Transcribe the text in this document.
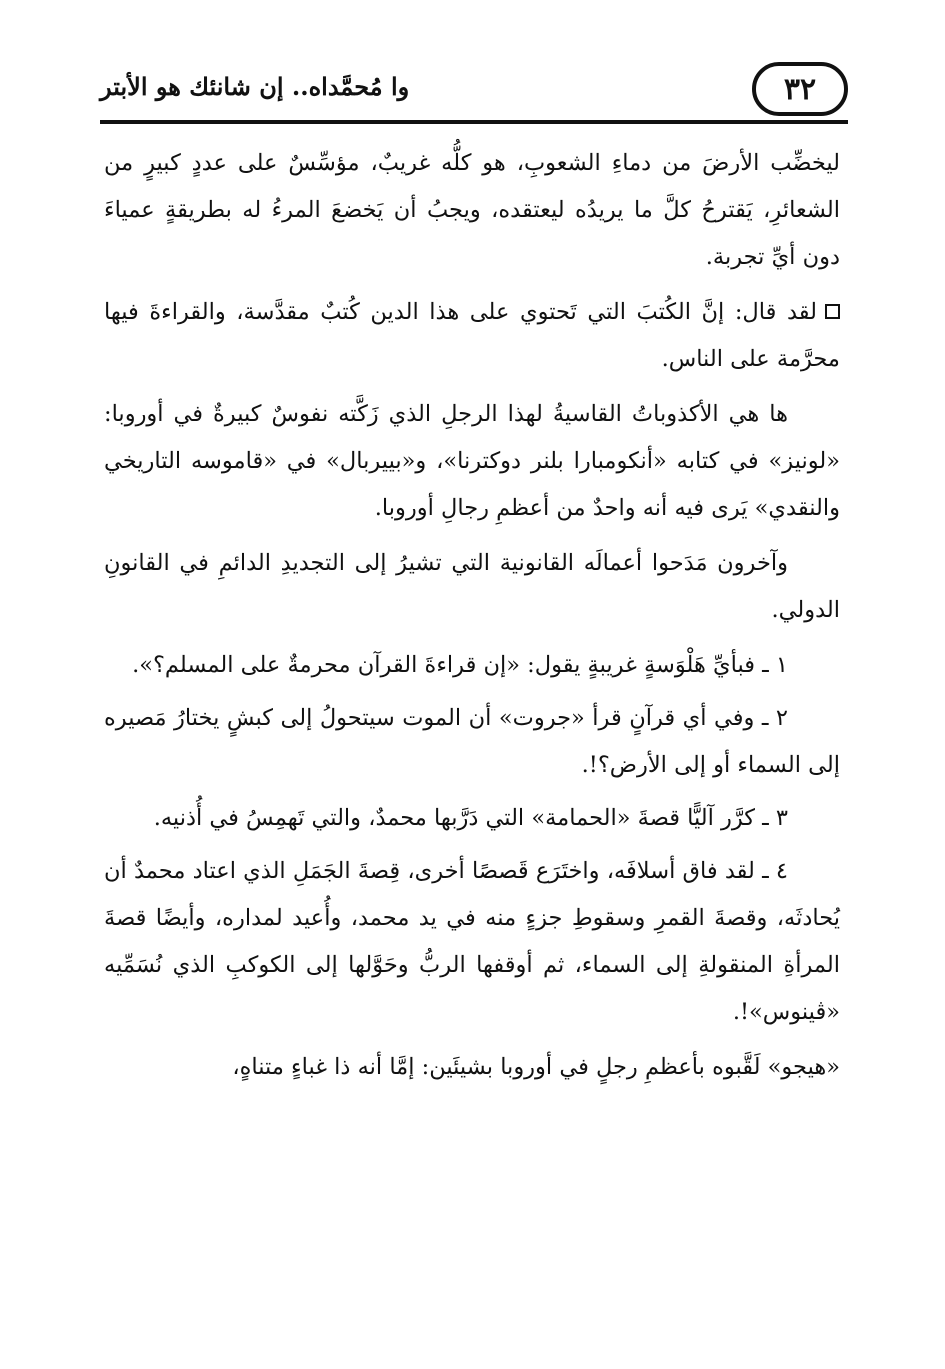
٣٢
وا مُحمَّداه.. إن شانئك هو الأبتر

ليخضِّب الأرضَ من دماءِ الشعوبِ، هو كلُّه غريبٌ، مؤسِّسٌ على عددٍ كبيرٍ من الشعائرِ، يَقترحُ كلَّ ما يريدُه ليعتقده، ويجبُ أن يَخضعَ المرءُ له بطريقةٍ عمياءَ دون أيِّ تجربة.

لقد قال: إنَّ الكُتبَ التي تَحتوي على هذا الدين كُتبٌ مقدَّسة، والقراءةَ فيها محرَّمة على الناس.

ها هي الأكذوباتُ القاسيةُ لهذا الرجلِ الذي زَكَّته نفوسٌ كبيرةٌ في أوروبا: «لونيز» في كتابه «أنكومبارا بلنر دوكترنا»، و«بييربال» في «قاموسه التاريخي والنقدي» يَرى فيه أنه واحدٌ من أعظمِ رجالِ أوروبا.

وآخرون مَدَحوا أعمالَه القانونية التي تشيرُ إلى التجديدِ الدائمِ في القانونِ الدولي.

١ ـ فبأيِّ هَلْوَسةٍ غريبةٍ يقول: «إن قراءةَ القرآن محرمةٌ على المسلم؟».

٢ ـ وفي أي قرآنٍ قرأ «جروت» أن الموت سيتحولُ إلى كبشٍ يختارُ مَصيره إلى السماء أو إلى الأرض؟!.

٣ ـ كرَّر آليًّا قصةَ «الحمامة» التي دَرَّبها محمدٌ، والتي تَهمِسُ في أُذنيه.

٤ ـ لقد فاق أسلافَه، واختَرَع قَصصًا أخرى، قِصةَ الجَمَلِ الذي اعتاد محمدٌ أن يُحادثَه، وقصةَ القمرِ وسقوطِ جزءٍ منه في يد محمد، وأُعيد لمداره، وأيضًا قصةَ المرأةِ المنقولةِ إلى السماء، ثم أوقفها الربُّ وحَوَّلها إلى الكوكبِ الذي نُسَمِّيه «ڤينوس»!.

«هيجو» لَقَّبوه بأعظمِ رجلٍ في أوروبا بشيئَين: إمَّا أنه ذا غباءٍ متناهٍ،
